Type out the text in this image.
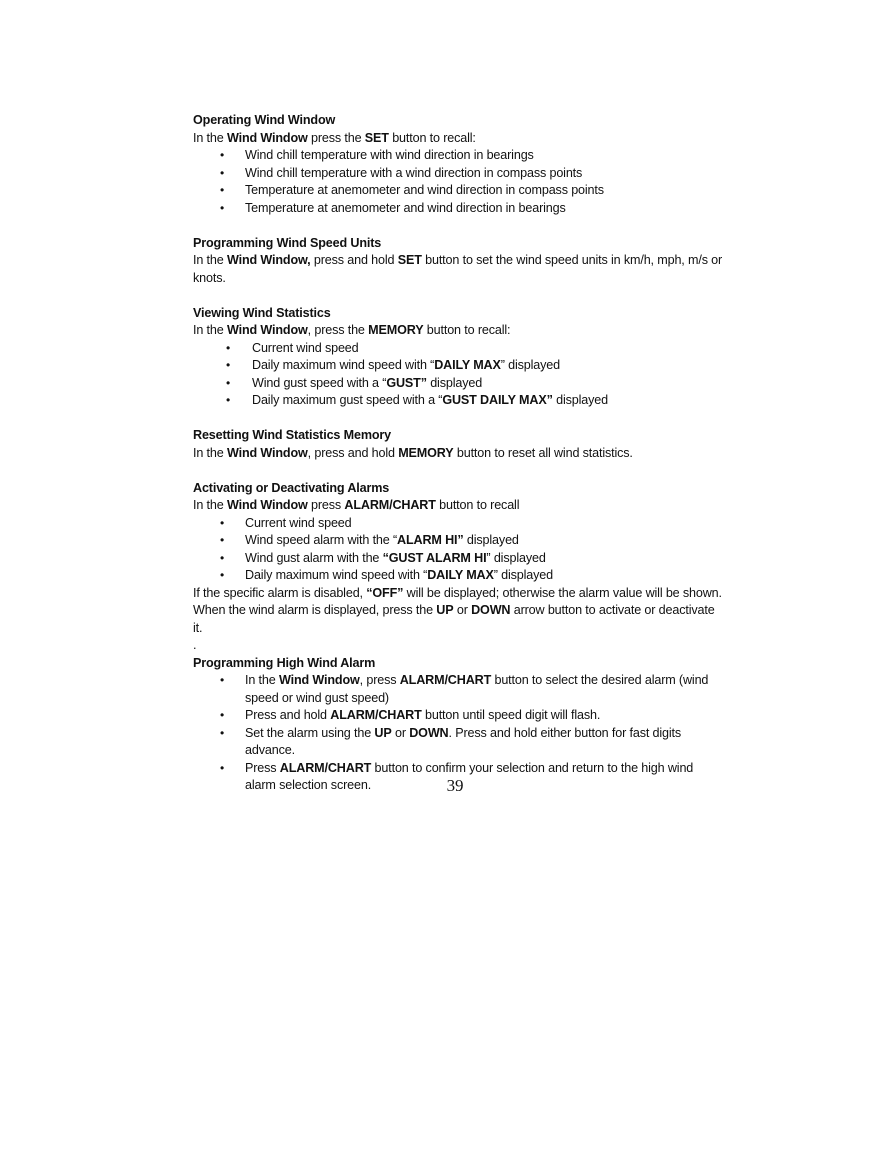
Operating Wind Window

In the Wind Window press the SET button to recall:

• Wind chill temperature with wind direction in bearings
• Wind chill temperature with a wind direction in compass points
• Temperature at anemometer and wind direction in compass points
• Temperature at anemometer and wind direction in bearings

Programming Wind Speed Units

In the Wind Window, press and hold SET button to set the wind speed units in km/h, mph, m/s or knots.

Viewing Wind Statistics

In the Wind Window, press the MEMORY button to recall:

• Current wind speed
• Daily maximum wind speed with “DAILY MAX” displayed
• Wind gust speed with a “GUST” displayed
• Daily maximum gust speed with a “GUST DAILY MAX” displayed

Resetting Wind Statistics Memory

In the Wind Window, press and hold MEMORY button to reset all wind statistics.

Activating or Deactivating Alarms

In the Wind Window press ALARM/CHART button to recall

• Current wind speed
• Wind speed alarm with the “ALARM HI” displayed
• Wind gust alarm with the “GUST ALARM HI” displayed
• Daily maximum wind speed with “DAILY MAX” displayed

If the specific alarm is disabled, “OFF” will be displayed; otherwise the alarm value will be shown.

When the wind alarm is displayed, press the UP or DOWN arrow button to activate or deactivate it.

.

Programming High Wind Alarm

• In the Wind Window, press ALARM/CHART button to select the desired alarm (wind speed or wind gust speed)
• Press and hold ALARM/CHART button until speed digit will flash.
• Set the alarm using the UP or DOWN. Press and hold either button for fast digits advance.
• Press ALARM/CHART button to confirm your selection and return to the high wind alarm selection screen.	39
